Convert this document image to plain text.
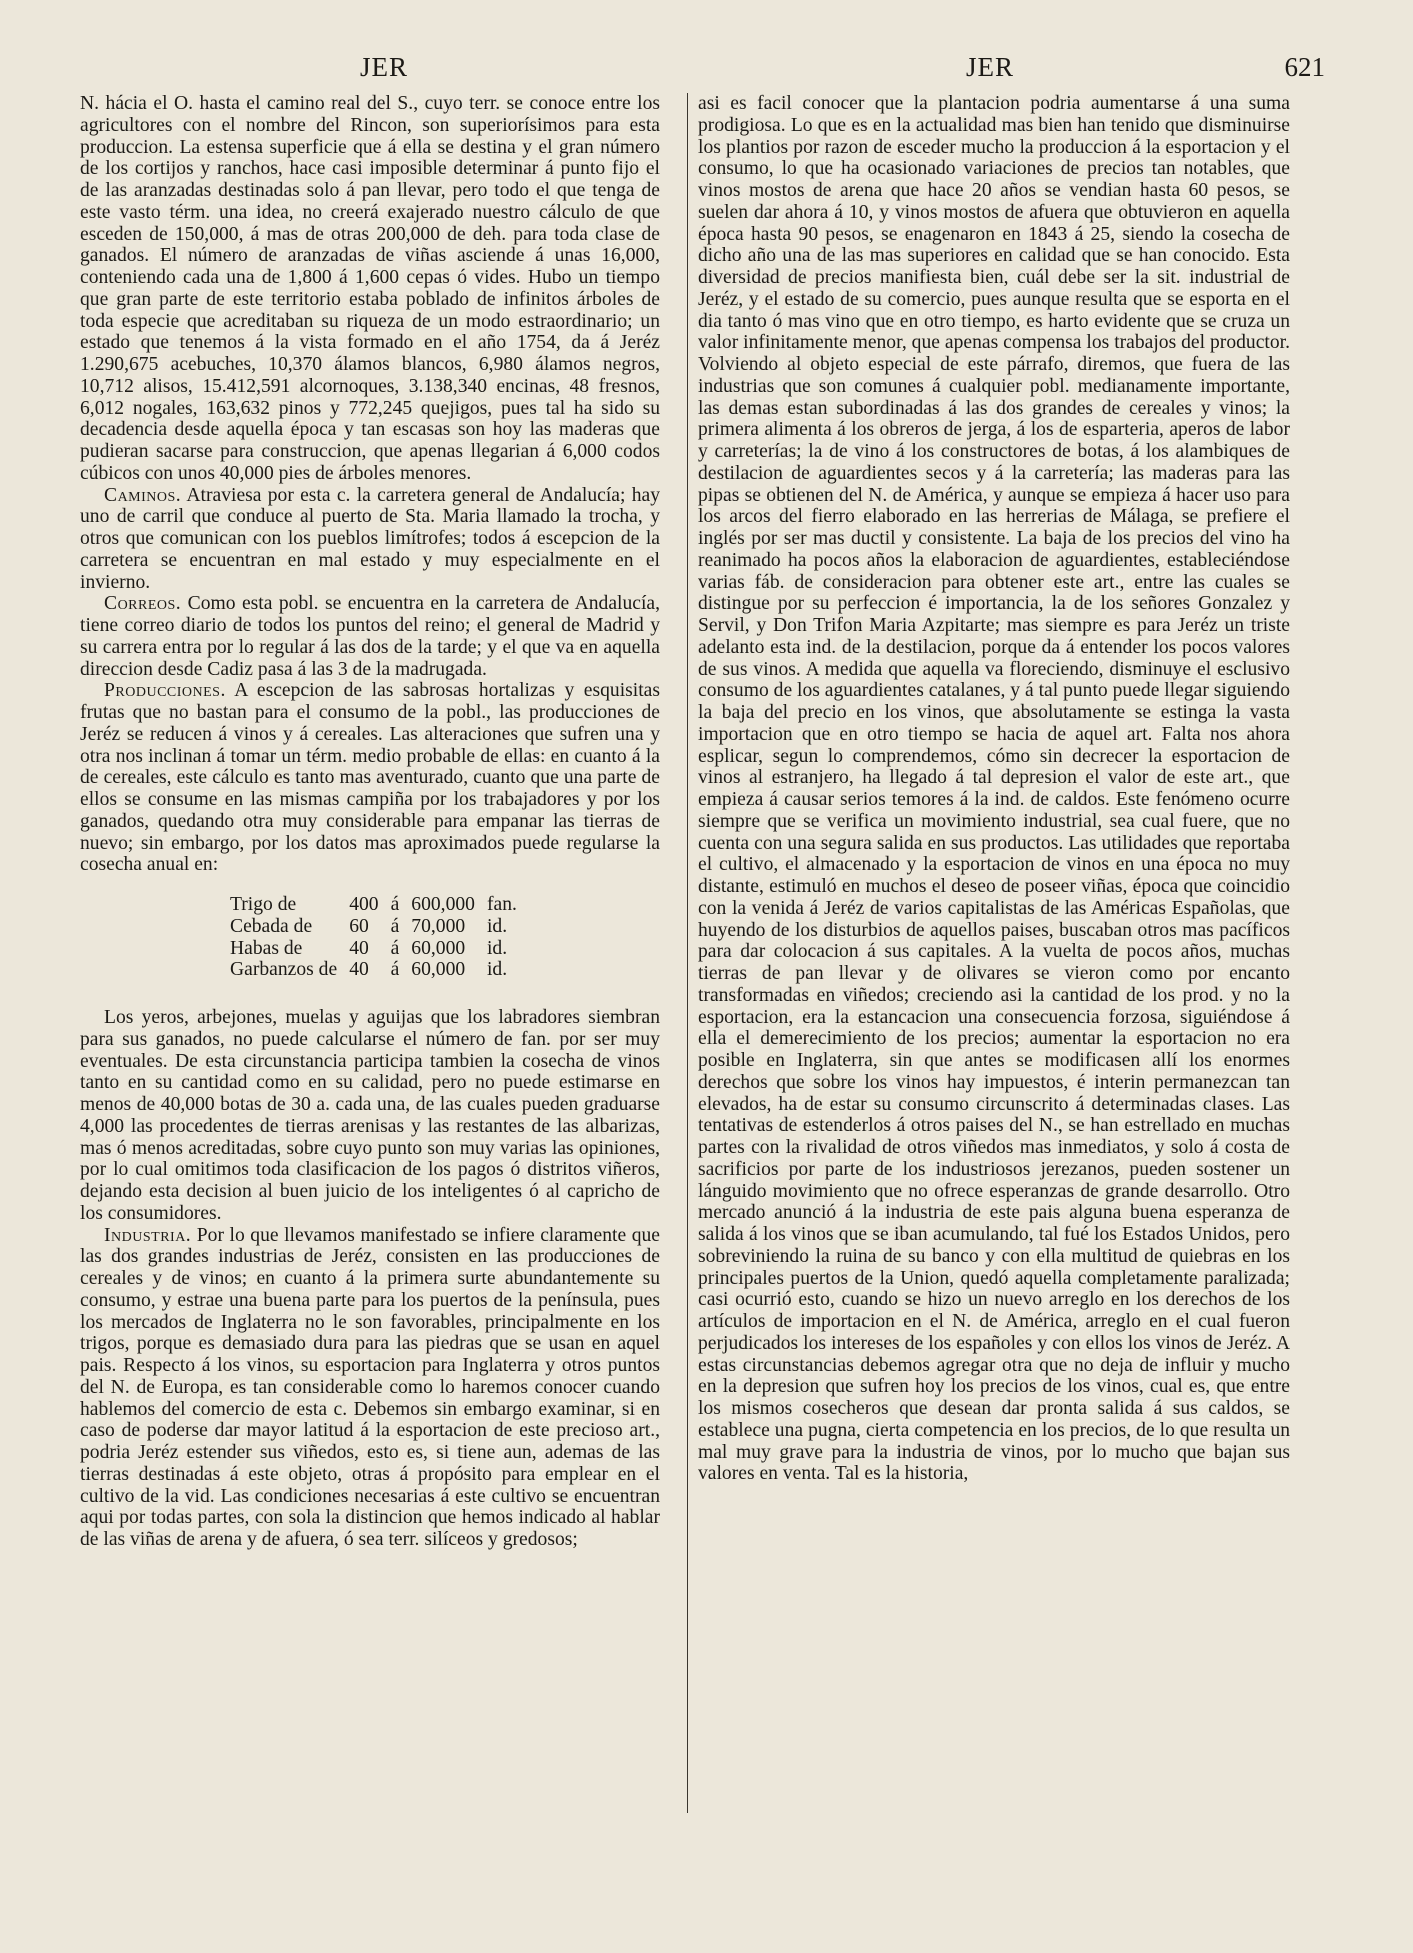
JER	JER	621

N. hácia el O. hasta el camino real del S., cuyo terr. se conoce entre los agricultores con el nombre del Rincon, son superiorísimos para esta produccion. La estensa superficie que á ella se destina y el gran número de los cortijos y ranchos, hace casi imposible determinar á punto fijo el de las aranzadas destinadas solo á pan llevar, pero todo el que tenga de este vasto térm. una idea, no creerá exajerado nuestro cálculo de que esceden de 150,000, á mas de otras 200,000 de deh. para toda clase de ganados. El número de aranzadas de viñas asciende á unas 16,000, conteniendo cada una de 1,800 á 1,600 cepas ó vides. Hubo un tiempo que gran parte de este territorio estaba poblado de infinitos árboles de toda especie que acreditaban su riqueza de un modo estraordinario; un estado que tenemos á la vista formado en el año 1754, da á Jeréz 1.290,675 acebuches, 10,370 álamos blancos, 6,980 álamos negros, 10,712 alisos, 15.412,591 alcornoques, 3.138,340 encinas, 48 fresnos, 6,012 nogales, 163,632 pinos y 772,245 quejigos, pues tal ha sido su decadencia desde aquella época y tan escasas son hoy las maderas que pudieran sacarse para construccion, que apenas llegarian á 6,000 codos cúbicos con unos 40,000 pies de árboles menores.

Caminos. Atraviesa por esta c. la carretera general de Andalucía; hay uno de carril que conduce al puerto de Sta. Maria llamado la trocha, y otros que comunican con los pueblos limítrofes; todos á escepcion de la carretera se encuentran en mal estado y muy especialmente en el invierno.

Correos. Como esta pobl. se encuentra en la carretera de Andalucía, tiene correo diario de todos los puntos del reino; el general de Madrid y su carrera entra por lo regular á las dos de la tarde; y el que va en aquella direccion desde Cadiz pasa á las 3 de la madrugada.

Producciones. A escepcion de las sabrosas hortalizas y esquisitas frutas que no bastan para el consumo de la pobl., las producciones de Jeréz se reducen á vinos y á cereales. Las alteraciones que sufren una y otra nos inclinan á tomar un térm. medio probable de ellas: en cuanto á la de cereales, este cálculo es tanto mas aventurado, cuanto que una parte de ellos se consume en las mismas campiña por los trabajadores y por los ganados, quedando otra muy considerable para empanar las tierras de nuevo; sin embargo, por los datos mas aproximados puede regularse la cosecha anual en:

Trigo de	400	á	600,000	fan.
Cebada de	60	á	70,000	id.
Habas de	40	á	60,000	id.
Garbanzos de	40	á	60,000	id.

Los yeros, arbejones, muelas y aguijas que los labradores siembran para sus ganados, no puede calcularse el número de fan. por ser muy eventuales. De esta circunstancia participa tambien la cosecha de vinos tanto en su cantidad como en su calidad, pero no puede estimarse en menos de 40,000 botas de 30 a. cada una, de las cuales pueden graduarse 4,000 las procedentes de tierras arenisas y las restantes de las albarizas, mas ó menos acreditadas, sobre cuyo punto son muy varias las opiniones, por lo cual omitimos toda clasificacion de los pagos ó distritos viñeros, dejando esta decision al buen juicio de los inteligentes ó al capricho de los consumidores.

Industria. Por lo que llevamos manifestado se infiere claramente que las dos grandes industrias de Jeréz, consisten en las producciones de cereales y de vinos; en cuanto á la primera surte abundantemente su consumo, y estrae una buena parte para los puertos de la península, pues los mercados de Inglaterra no le son favorables, principalmente en los trigos, porque es demasiado dura para las piedras que se usan en aquel pais. Respecto á los vinos, su esportacion para Inglaterra y otros puntos del N. de Europa, es tan considerable como lo haremos conocer cuando hablemos del comercio de esta c. Debemos sin embargo examinar, si en caso de poderse dar mayor latitud á la esportacion de este precioso art., podria Jeréz estender sus viñedos, esto es, si tiene aun, ademas de las tierras destinadas á este objeto, otras á propósito para emplear en el cultivo de la vid. Las condiciones necesarias á este cultivo se encuentran aqui por todas partes, con sola la distincion que hemos indicado al hablar de las viñas de arena y de afuera, ó sea terr. silíceos y gredosos;

asi es facil conocer que la plantacion podria aumentarse á una suma prodigiosa. Lo que es en la actualidad mas bien han tenido que disminuirse los plantios por razon de esceder mucho la produccion á la esportacion y el consumo, lo que ha ocasionado variaciones de precios tan notables, que vinos mostos de arena que hace 20 años se vendian hasta 60 pesos, se suelen dar ahora á 10, y vinos mostos de afuera que obtuvieron en aquella época hasta 90 pesos, se enagenaron en 1843 á 25, siendo la cosecha de dicho año una de las mas superiores en calidad que se han conocido. Esta diversidad de precios manifiesta bien, cuál debe ser la sit. industrial de Jeréz, y el estado de su comercio, pues aunque resulta que se esporta en el dia tanto ó mas vino que en otro tiempo, es harto evidente que se cruza un valor infinitamente menor, que apenas compensa los trabajos del productor. Volviendo al objeto especial de este párrafo, diremos, que fuera de las industrias que son comunes á cualquier pobl. medianamente importante, las demas estan subordinadas á las dos grandes de cereales y vinos; la primera alimenta á los obreros de jerga, á los de esparteria, aperos de labor y carreterías; la de vino á los constructores de botas, á los alambiques de destilacion de aguardientes secos y á la carretería; las maderas para las pipas se obtienen del N. de América, y aunque se empieza á hacer uso para los arcos del fierro elaborado en las herrerias de Málaga, se prefiere el inglés por ser mas ductil y consistente. La baja de los precios del vino ha reanimado ha pocos años la elaboracion de aguardientes, estableciéndose varias fáb. de consideracion para obtener este art., entre las cuales se distingue por su perfeccion é importancia, la de los señores Gonzalez y Servil, y Don Trifon Maria Azpitarte; mas siempre es para Jeréz un triste adelanto esta ind. de la destilacion, porque da á entender los pocos valores de sus vinos. A medida que aquella va floreciendo, disminuye el esclusivo consumo de los aguardientes catalanes, y á tal punto puede llegar siguiendo la baja del precio en los vinos, que absolutamente se estinga la vasta importacion que en otro tiempo se hacia de aquel art. Falta nos ahora esplicar, segun lo comprendemos, cómo sin decrecer la esportacion de vinos al estranjero, ha llegado á tal depresion el valor de este art., que empieza á causar serios temores á la ind. de caldos. Este fenómeno ocurre siempre que se verifica un movimiento industrial, sea cual fuere, que no cuenta con una segura salida en sus productos. Las utilidades que reportaba el cultivo, el almacenado y la esportacion de vinos en una época no muy distante, estimuló en muchos el deseo de poseer viñas, época que coincidio con la venida á Jeréz de varios capitalistas de las Américas Españolas, que huyendo de los disturbios de aquellos paises, buscaban otros mas pacíficos para dar colocacion á sus capitales. A la vuelta de pocos años, muchas tierras de pan llevar y de olivares se vieron como por encanto transformadas en viñedos; creciendo asi la cantidad de los prod. y no la esportacion, era la estancacion una consecuencia forzosa, siguiéndose á ella el demerecimiento de los precios; aumentar la esportacion no era posible en Inglaterra, sin que antes se modificasen allí los enormes derechos que sobre los vinos hay impuestos, é interin permanezcan tan elevados, ha de estar su consumo circunscrito á determinadas clases. Las tentativas de estenderlos á otros paises del N., se han estrellado en muchas partes con la rivalidad de otros viñedos mas inmediatos, y solo á costa de sacrificios por parte de los industriosos jerezanos, pueden sostener un lánguido movimiento que no ofrece esperanzas de grande desarrollo. Otro mercado anunció á la industria de este pais alguna buena esperanza de salida á los vinos que se iban acumulando, tal fué los Estados Unidos, pero sobreviniendo la ruina de su banco y con ella multitud de quiebras en los principales puertos de la Union, quedó aquella completamente paralizada; casi ocurrió esto, cuando se hizo un nuevo arreglo en los derechos de los artículos de importacion en el N. de América, arreglo en el cual fueron perjudicados los intereses de los españoles y con ellos los vinos de Jeréz. A estas circunstancias debemos agregar otra que no deja de influir y mucho en la depresion que sufren hoy los precios de los vinos, cual es, que entre los mismos cosecheros que desean dar pronta salida á sus caldos, se establece una pugna, cierta competencia en los precios, de lo que resulta un mal muy grave para la industria de vinos, por lo mucho que bajan sus valores en venta. Tal es la historia,
